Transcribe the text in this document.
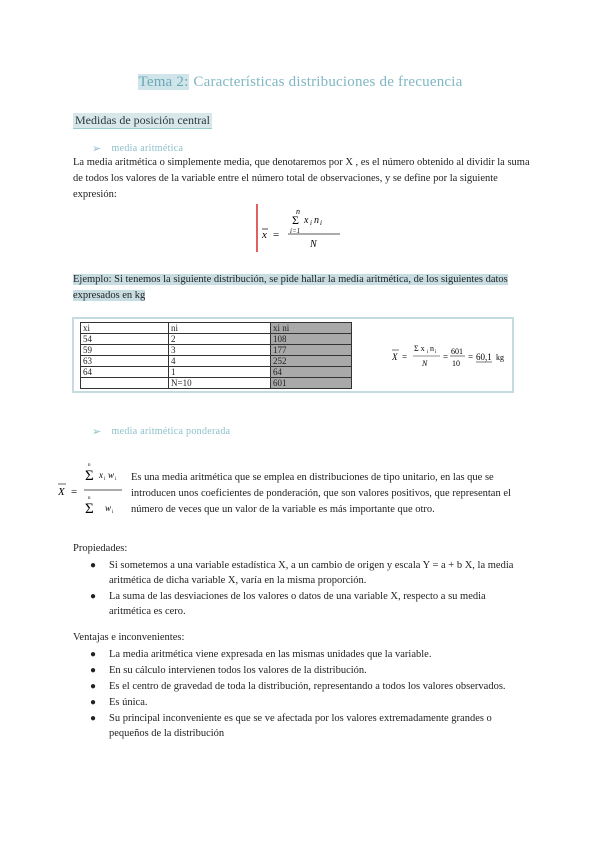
Tema 2: Características distribuciones de frecuencia
Medidas de posición central
➢ media aritmética
La media aritmética o simplemente media, que denotaremos por X , es el número obtenido al dividir la suma de todos los valores de la variable entre el número total de observaciones, y se define por la siguiente expresión:
x =
n
Σ x i n i
i=1
N
Ejemplo: Si tenemos la siguiente distribución, se pide hallar la media aritmética, de los siguientes datos expresados en kg
xi	ni	xi ni
54	2	108
59	3	177
63	4	252
64	1	64
	N=10	601
X =
Σ x i n i
N
=
601
10
= 60,1 kg
➢ media aritmética ponderada
X =
n
Σ x i w i
n
Σ w i
Es una media aritmética que se emplea en distribuciones de tipo unitario, en las que se introducen unos coeficientes de ponderación, que son valores positivos, que representan el número de veces que un valor de la variable es más importante que otro.
Propiedades:
● Si sometemos a una variable estadística X, a un cambio de origen y escala Y = a + b X, la media aritmética de dicha variable X, varía en la misma proporción.
● La suma de las desviaciones de los valores o datos de una variable X, respecto a su media aritmética es cero.
Ventajas e inconvenientes:
● La media aritmética viene expresada en las mismas unidades que la variable.
● En su cálculo intervienen todos los valores de la distribución.
● Es el centro de gravedad de toda la distribución, representando a todos los valores observados.
● Es única.
● Su principal inconveniente es que se ve afectada por los valores extremadamente grandes o pequeños de la distribución
